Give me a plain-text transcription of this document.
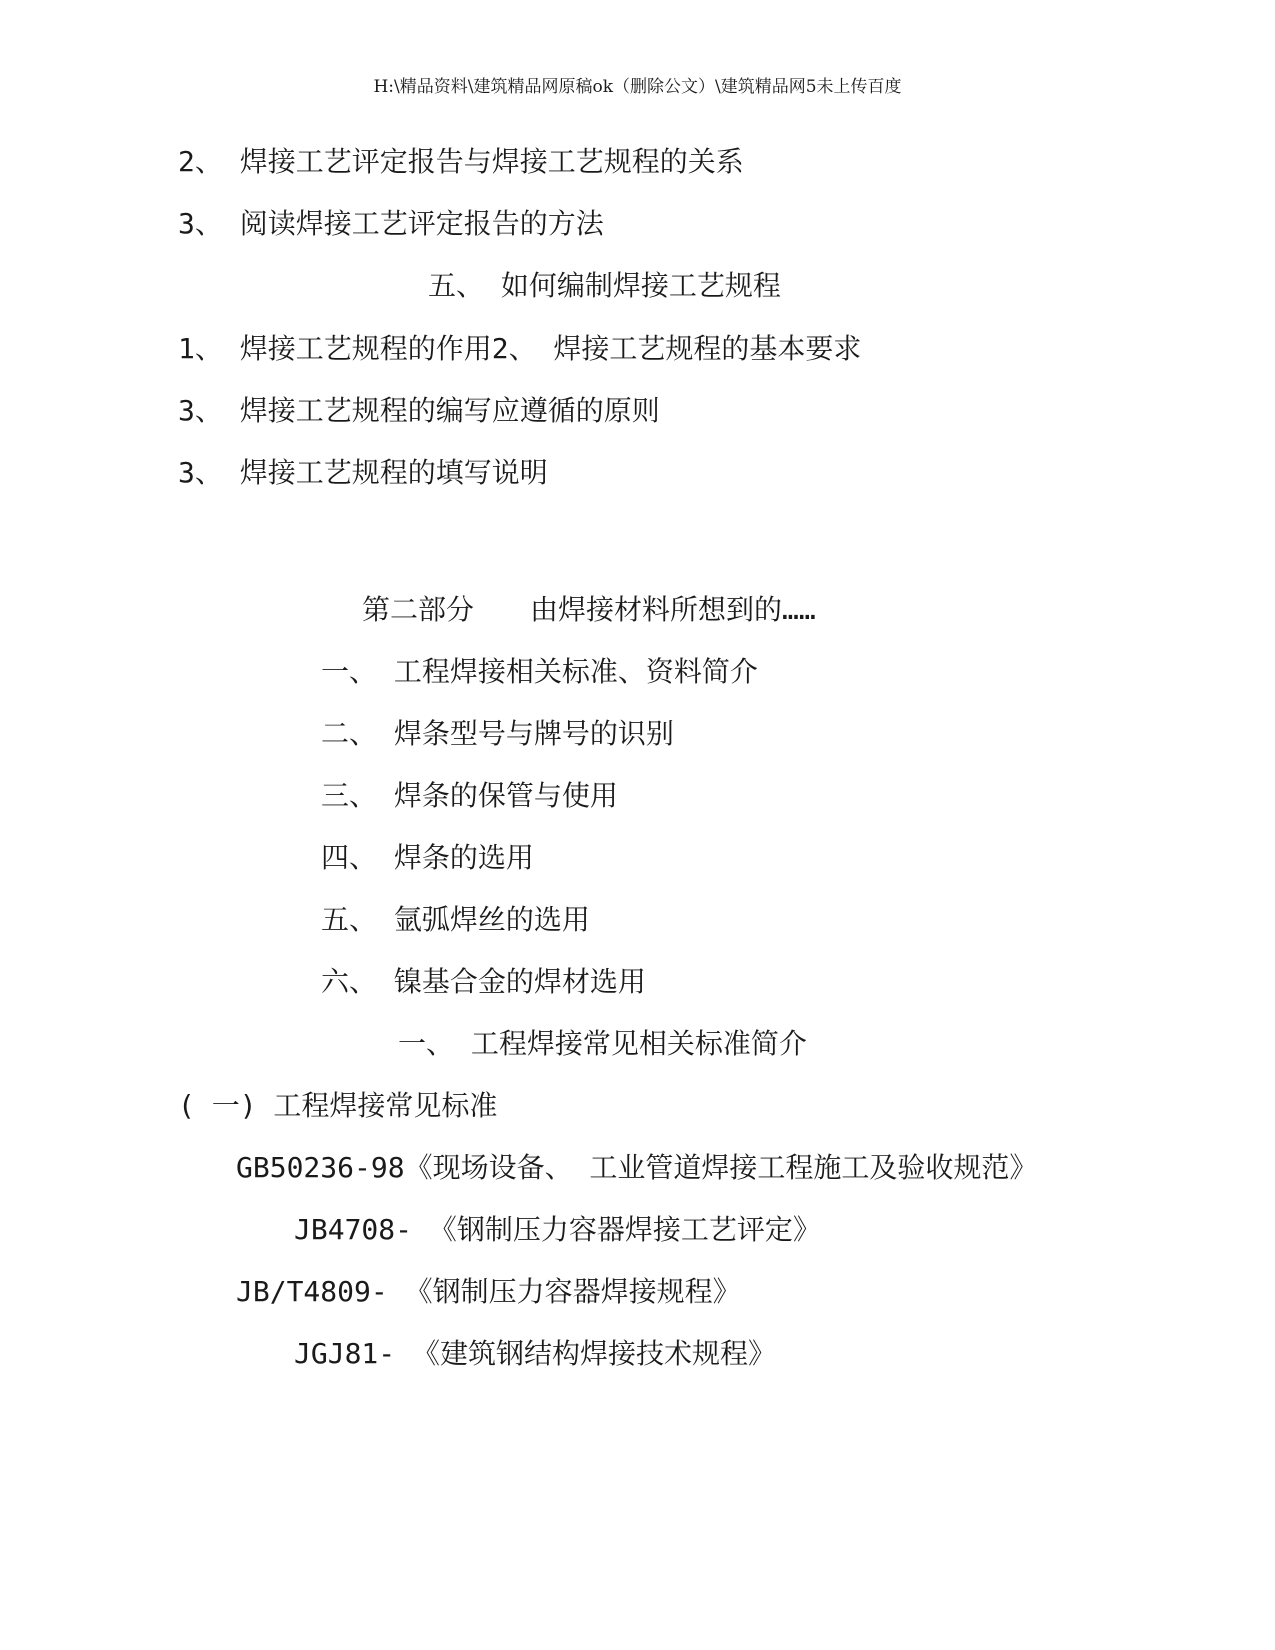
H:\精品资料\建筑精品网原稿ok（删除公文）\建筑精品网5未上传百度
2、 焊接工艺评定报告与焊接工艺规程的关系
3、 阅读焊接工艺评定报告的方法
五、 如何编制焊接工艺规程
1、 焊接工艺规程的作用2、 焊接工艺规程的基本要求
3、 焊接工艺规程的编写应遵循的原则
3、 焊接工艺规程的填写说明
第二部分　　由焊接材料所想到的……
一、 工程焊接相关标准、资料简介
二、 焊条型号与牌号的识别
三、 焊条的保管与使用
四、 焊条的选用
五、 氩弧焊丝的选用
六、 镍基合金的焊材选用
一、 工程焊接常见相关标准简介
( 一) 工程焊接常见标准
GB50236-98《现场设备、 工业管道焊接工程施工及验收规范》
JB4708- 《钢制压力容器焊接工艺评定》
JB/T4809- 《钢制压力容器焊接规程》
JGJ81- 《建筑钢结构焊接技术规程》
